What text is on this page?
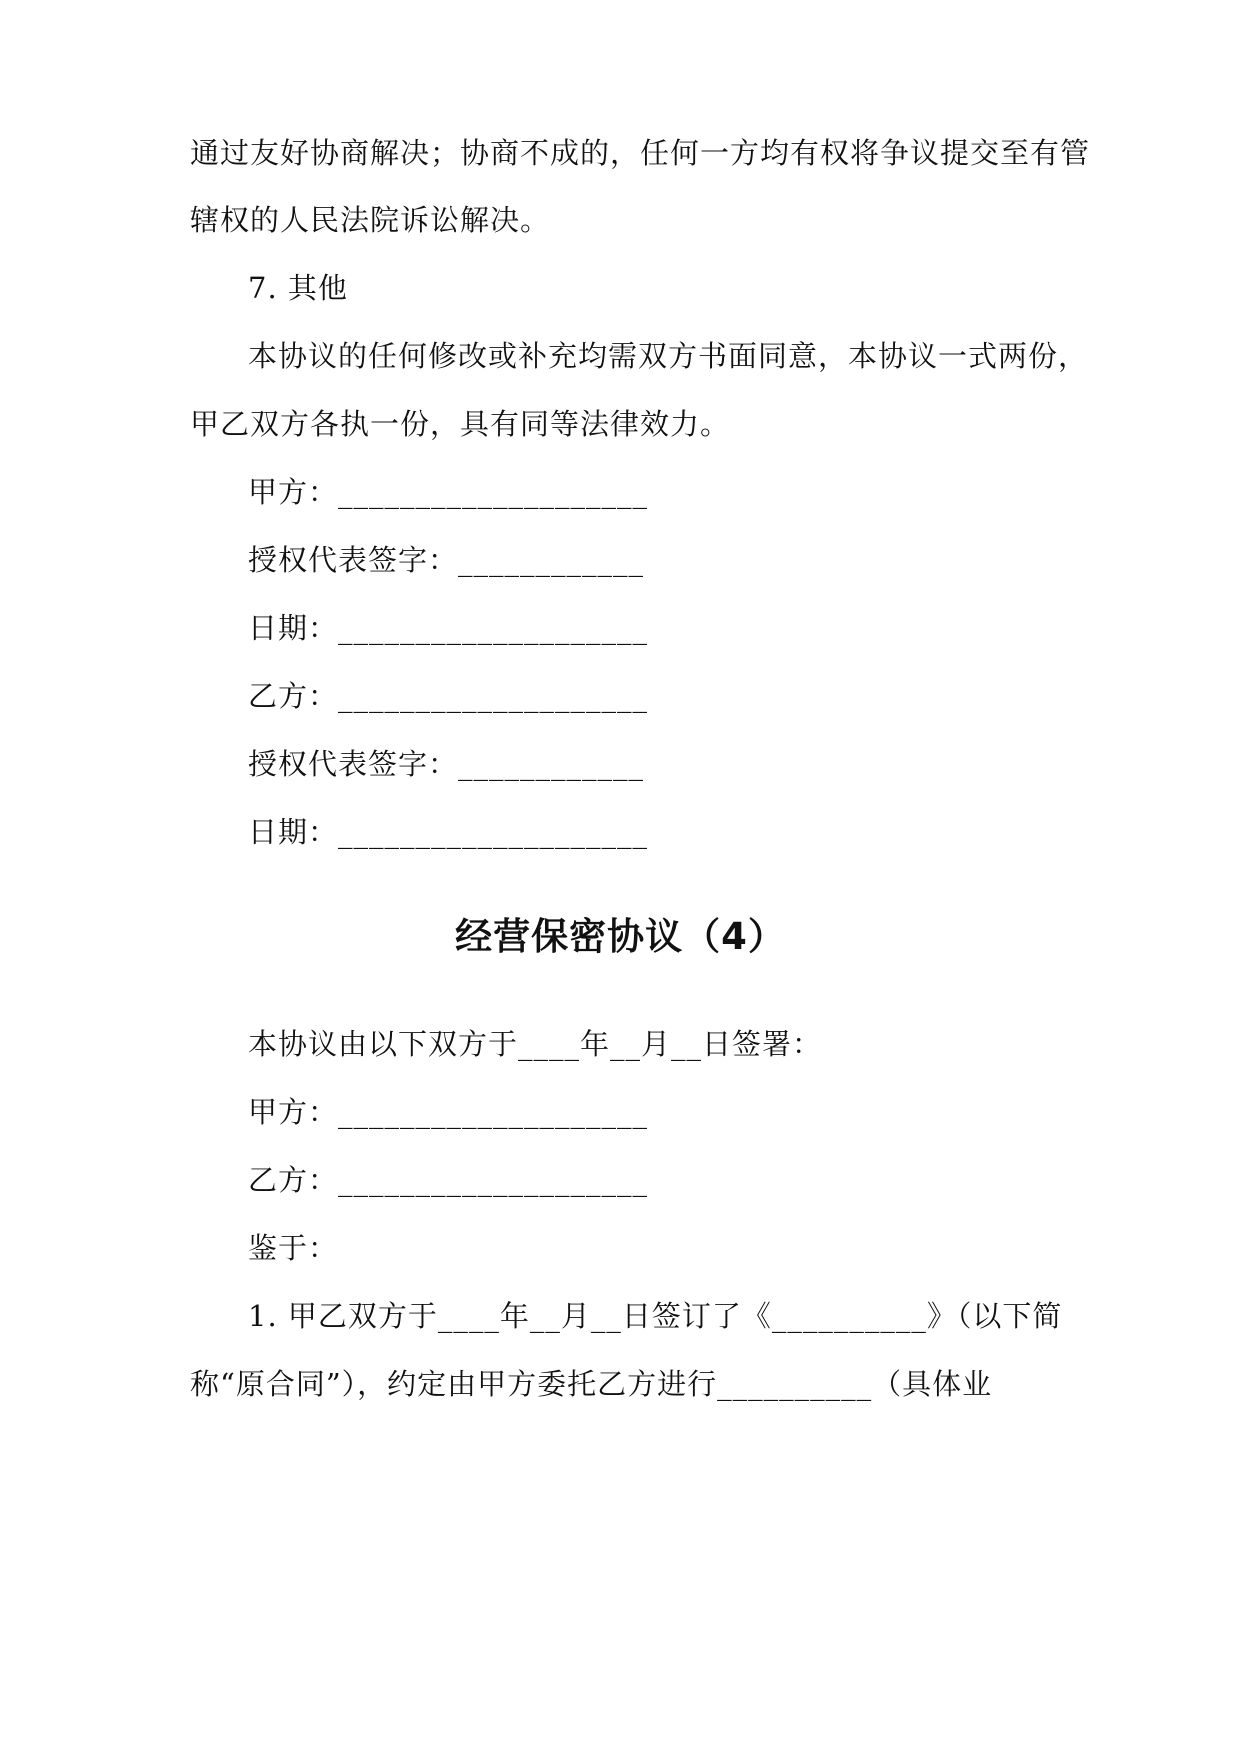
通过友好协商解决；协商不成的，任何一方均有权将争议提交至有管
辖权的人民法院诉讼解决。
7. 其他
本协议的任何修改或补充均需双方书面同意，本协议一式两份，
甲乙双方各执一份，具有同等法律效力。
甲方：____________________
授权代表签字：____________
日期：____________________
乙方：____________________
授权代表签字：____________
日期：____________________
经营保密协议（4）
本协议由以下双方于____年__月__日签署：
甲方：____________________
乙方：____________________
鉴于：
1. 甲乙双方于____年__月__日签订了《__________》（以下简
称“原合同”），约定由甲方委托乙方进行__________（具体业
